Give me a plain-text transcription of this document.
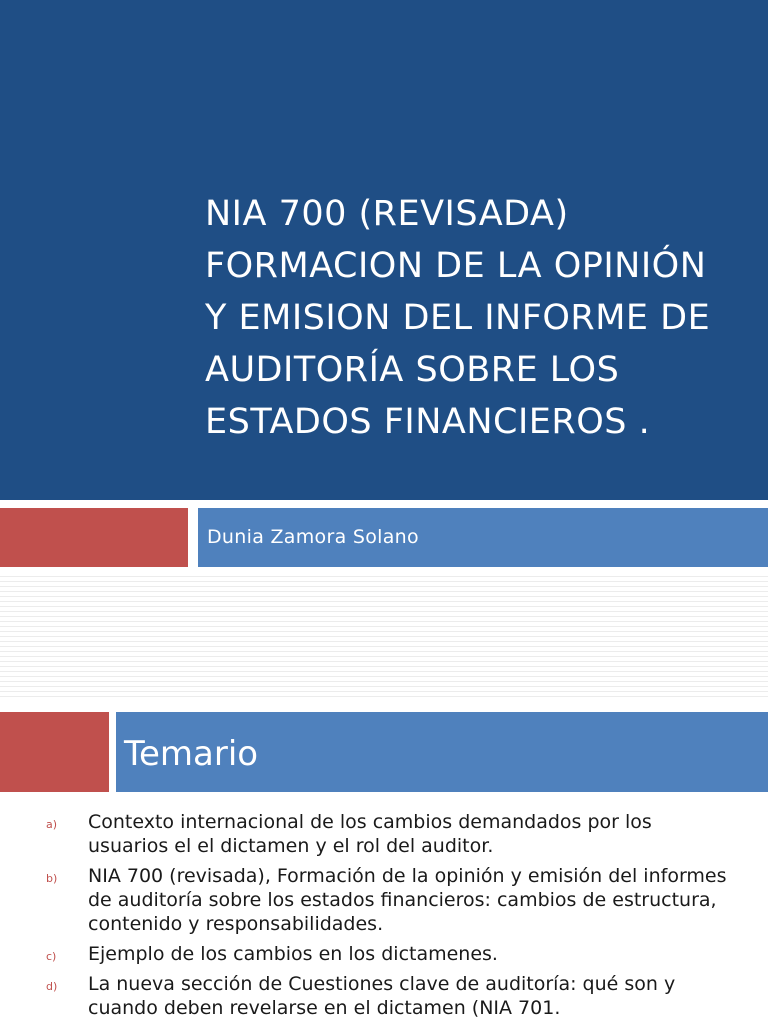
NIA 700 (REVISADA)
FORMACION DE LA OPINIÓN
Y EMISION DEL INFORME DE
AUDITORÍA SOBRE LOS
ESTADOS FINANCIEROS .
Dunia Zamora Solano
Temario
a) Contexto internacional de los cambios demandados por los usuarios el el dictamen y el rol del auditor.
b) NIA 700 (revisada), Formación de la opinión y emisión del informes de auditoría sobre los estados financieros: cambios de estructura, contenido y responsabilidades.
c) Ejemplo de los cambios en los dictamenes.
d) La nueva sección de Cuestiones clave de auditoría: qué son y cuando deben revelarse en el dictamen (NIA 701.
